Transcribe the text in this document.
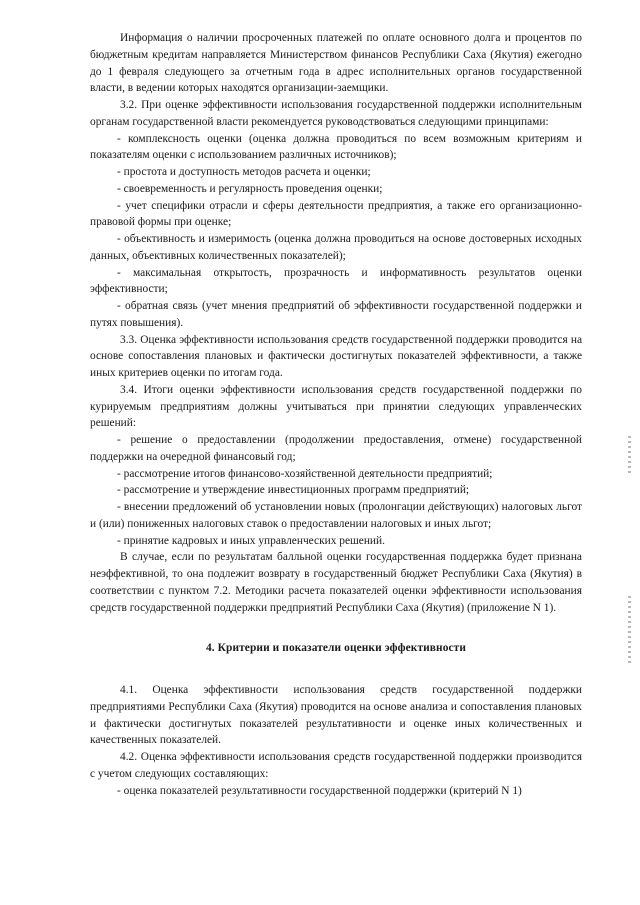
Информация о наличии просроченных платежей по оплате основного долга и процентов по бюджетным кредитам направляется Министерством финансов Республики Саха (Якутия) ежегодно до 1 февраля следующего за отчетным года в адрес исполнительных органов государственной власти, в ведении которых находятся организации-заемщики.

3.2. При оценке эффективности использования государственной поддержки исполнительным органам государственной власти рекомендуется руководствоваться следующими принципами:

- комплексность оценки (оценка должна проводиться по всем возможным критериям и показателям оценки с использованием различных источников);

- простота и доступность методов расчета и оценки;

- своевременность и регулярность проведения оценки;

- учет специфики отрасли и сферы деятельности предприятия, а также его организационно-правовой формы при оценке;

- объективность и измеримость (оценка должна проводиться на основе достоверных исходных данных, объективных количественных показателей);

- максимальная открытость, прозрачность и информативность результатов оценки эффективности;

- обратная связь (учет мнения предприятий об эффективности государственной поддержки и путях повышения).

3.3. Оценка эффективности использования средств государственной поддержки проводится на основе сопоставления плановых и фактически достигнутых показателей эффективности, а также иных критериев оценки по итогам года.

3.4. Итоги оценки эффективности использования средств государственной поддержки по курируемым предприятиям должны учитываться при принятии следующих управленческих решений:

- решение о предоставлении (продолжении предоставления, отмене) государственной поддержки на очередной финансовый год;

- рассмотрение итогов финансово-хозяйственной деятельности предприятий;

- рассмотрение и утверждение инвестиционных программ предприятий;

- внесении предложений об установлении новых (пролонгации действующих) налоговых льгот и (или) пониженных налоговых ставок о предоставлении налоговых и иных льгот;

- принятие кадровых и иных управленческих решений.

В случае, если по результатам балльной оценки государственная поддержка будет признана неэффективной, то она подлежит возврату в государственный бюджет Республики Саха (Якутия) в соответствии с пунктом 7.2. Методики расчета показателей оценки эффективности использования средств государственной поддержки предприятий Республики Саха (Якутия) (приложение N 1).

4. Критерии и показатели оценки эффективности

4.1. Оценка эффективности использования средств государственной поддержки предприятиями Республики Саха (Якутия) проводится на основе анализа и сопоставления плановых и фактически достигнутых показателей результативности и оценке иных количественных и качественных показателей.

4.2. Оценка эффективности использования средств государственной поддержки производится с учетом следующих составляющих:

- оценка показателей результативности государственной поддержки (критерий N 1)
